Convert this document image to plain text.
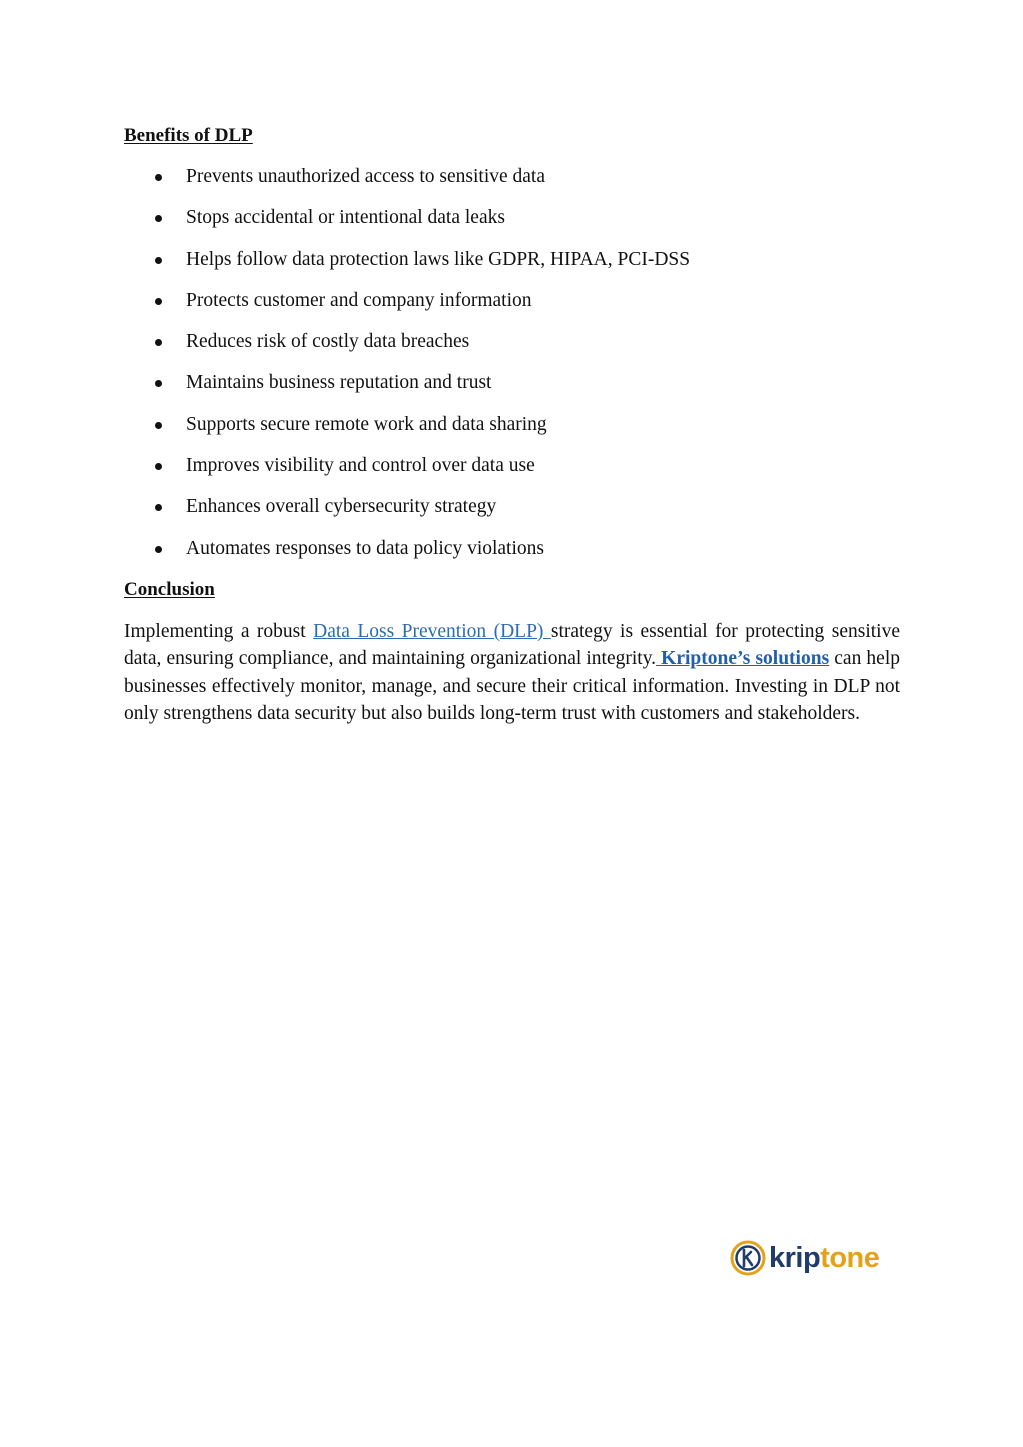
Benefits of DLP
Prevents unauthorized access to sensitive data
Stops accidental or intentional data leaks
Helps follow data protection laws like GDPR, HIPAA, PCI-DSS
Protects customer and company information
Reduces risk of costly data breaches
Maintains business reputation and trust
Supports secure remote work and data sharing
Improves visibility and control over data use
Enhances overall cybersecurity strategy
Automates responses to data policy violations
Conclusion

Implementing a robust Data Loss Prevention (DLP) strategy is essential for protecting sensitive data, ensuring compliance, and maintaining organizational integrity. Kriptone’s solutions can help businesses effectively monitor, manage, and secure their critical information. Investing in DLP not only strengthens data security but also builds long-term trust with customers and stakeholders.

kriptone
